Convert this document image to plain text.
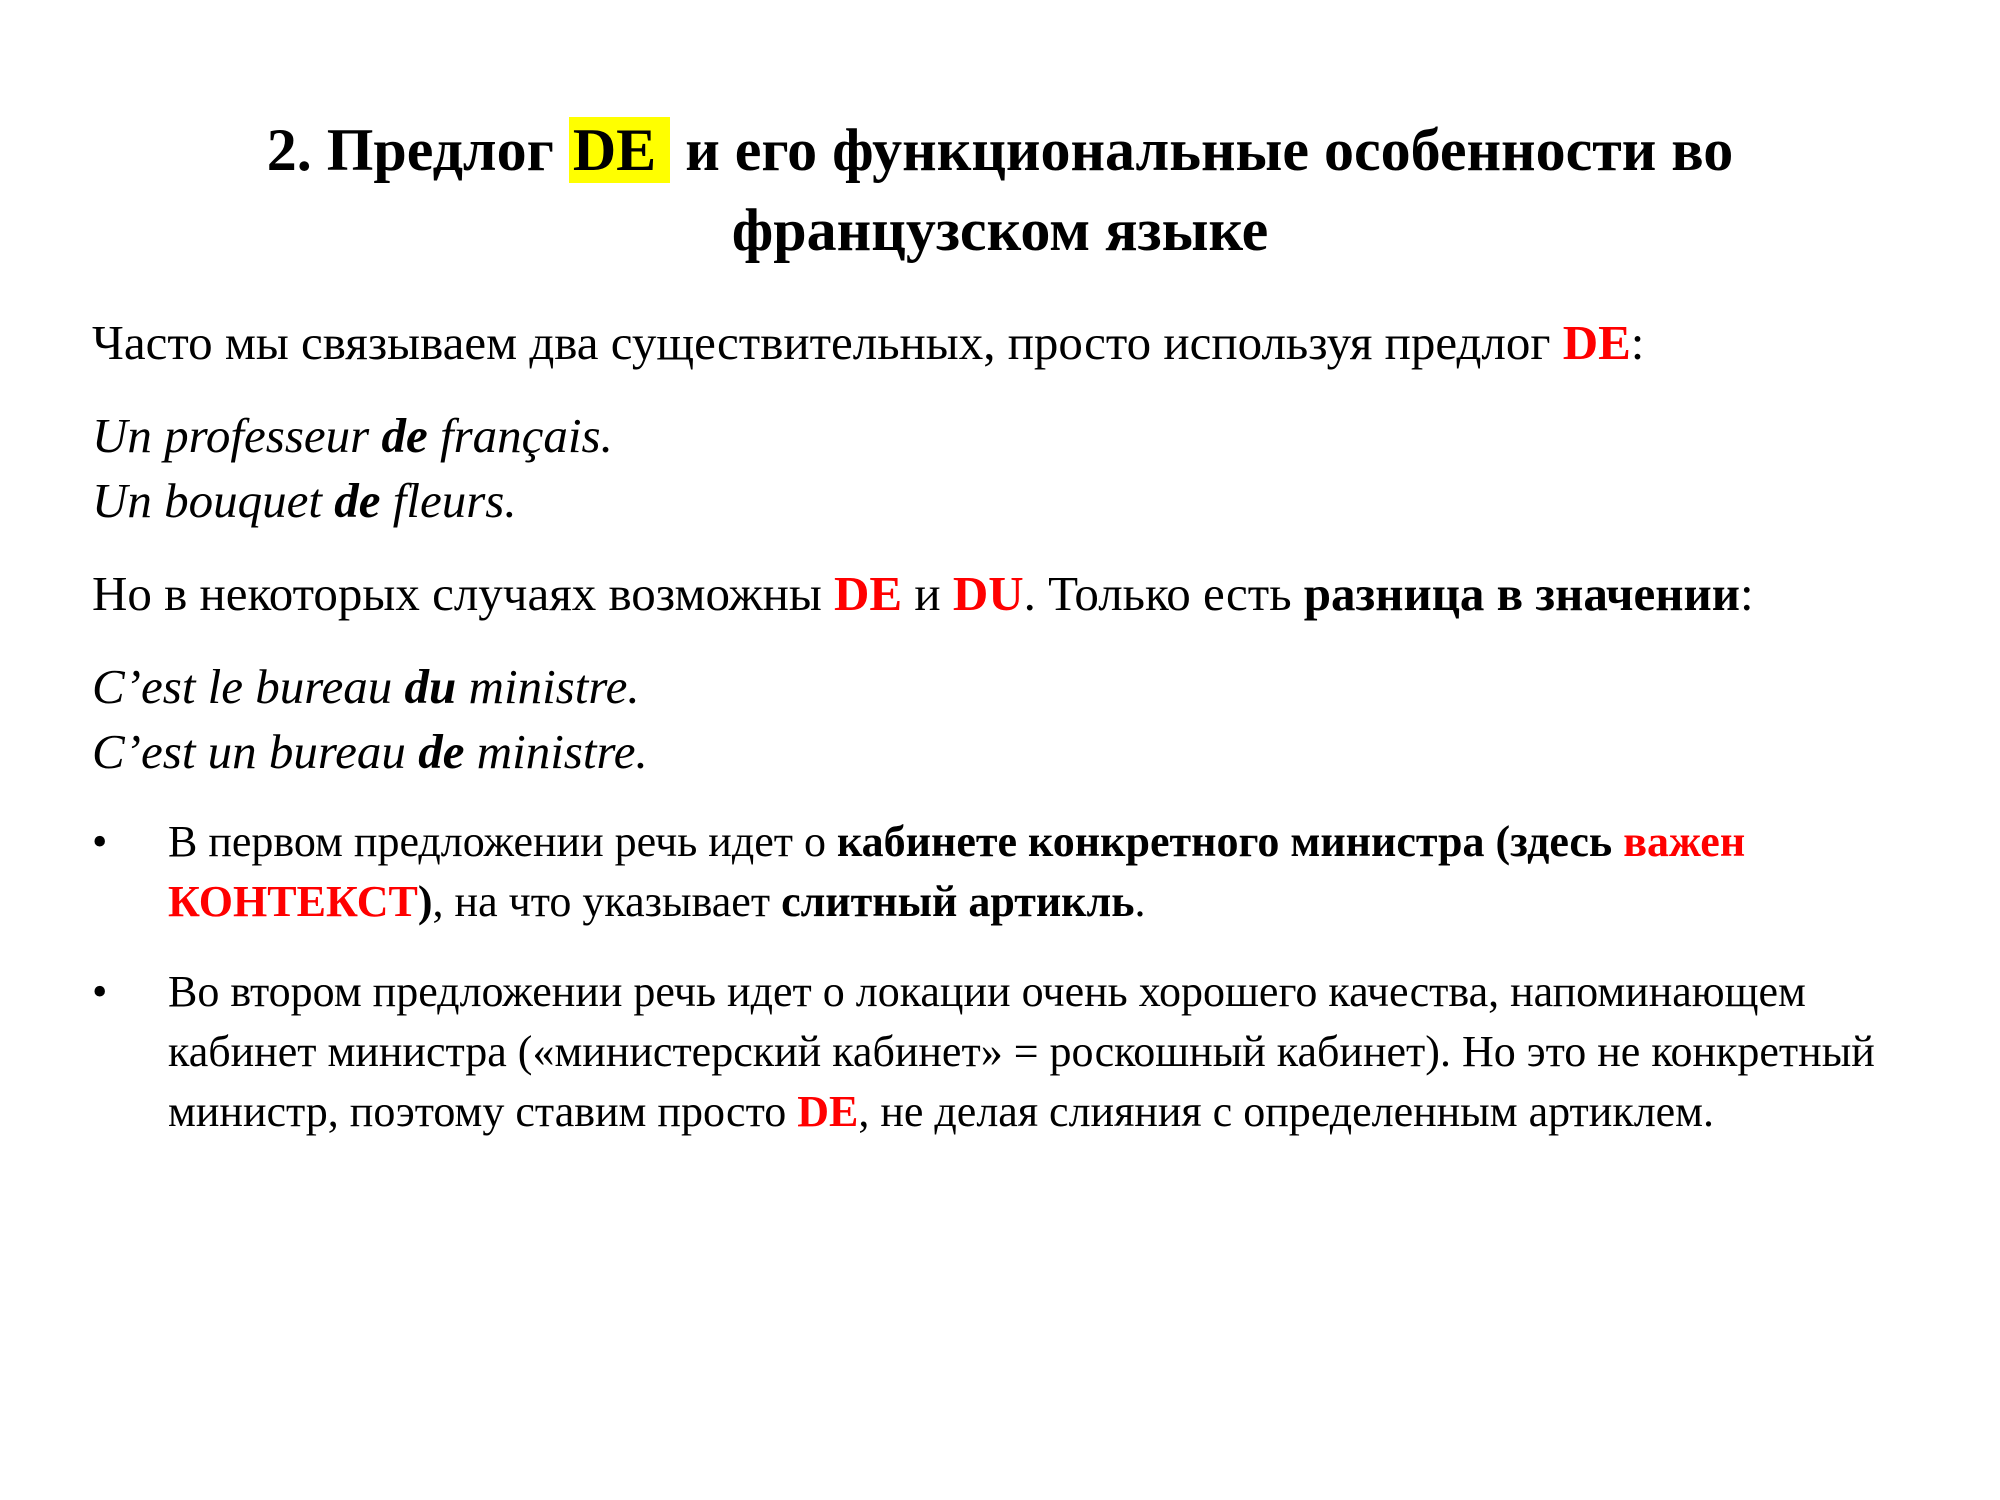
2. Предлог DE и его функциональные особенности во французском языке

Часто мы связываем два существительных, просто используя предлог DE:

Un professeur de français.
Un bouquet de fleurs.

Но в некоторых случаях возможны DE и DU. Только есть разница в значении:

C’est le bureau du ministre.
C’est un bureau de ministre.

• В первом предложении речь идет о кабинете конкретного министра (здесь важен КОНТЕКСТ), на что указывает слитный артикль.
• Во втором предложении речь идет о локации очень хорошего качества, напоминающем кабинет министра («министерский кабинет» = роскошный кабинет). Но это не конкретный министр, поэтому ставим просто DE, не делая слияния с определенным артиклем.
